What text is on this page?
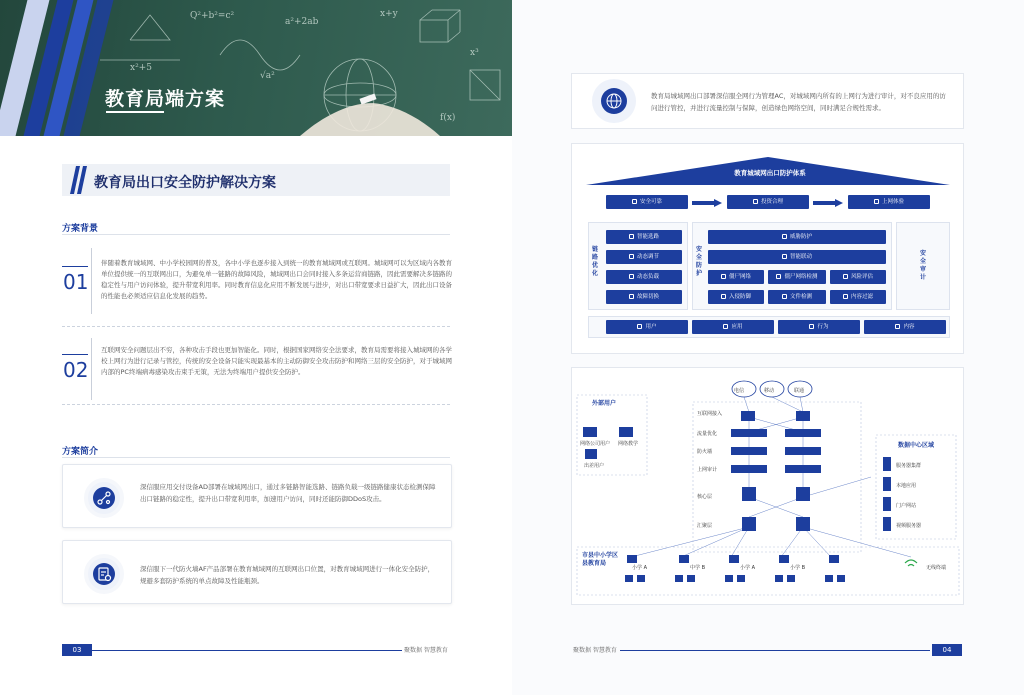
Q²+b²=c²
a²+2ab
x+y
x³
x²+5
√a²
f(x)
教育局端方案
教育局出口安全防护解决方案
方案背景
01
伴随着教育城域网、中小学校园网的普及，各中小学也逐步接入到统一的教育城域网或互联网。城域网可以为区域内各教育单位提供统一的互联网出口，为避免单一链路的故障风险，城域网出口会同时接入多条运营商链路，因此需要解决多链路的稳定性与用户访问体验，提升带宽利用率。同时教育信息化应用不断发展与进步，对出口带宽要求日益扩大，因此出口设备的性能也必须适应信息化发展的趋势。
02
互联网安全问题层出不穷，各种攻击手段也更加智能化。同时，根据国家网络安全法要求，教育局需要将接入城域网的各学校上网行为进行记录与管控，传统的安全设备只能实现最基本的主动防御安全攻击防护和网络三层的安全防护，对于城域网内部的PC终端病毒感染攻击束手无策，无法为终端用户提供安全防护。
方案简介
深信服应用交付设备AD部署在城域网出口，通过多链路智能选路、链路负载一级链路健康状态检测保障出口链路的稳定性，提升出口带宽利用率，加速用户访问，同时还能防御DDoS攻击。
深信服下一代防火墙AF产品部署在教育城域网的互联网出口位置，对教育城域网进行一体化安全防护，规避多套防护系统的单点故障及性能瓶颈。
03	聚数据 智慧教育
教育局城域网出口部署深信服全网行为管理AC，对城域网内所有的上网行为进行审计，对不良应用的访问进行管控，并进行流量控制与保障，创造绿色网络空间，同时满足合规性需求。
教育城域网出口防护体系
安全可靠	投资合理	上网体验
链路优化
智能选路
动态调节
动态负载
故障切换
安全防护
威胁防护
智能联动
僵尸网络	僵尸网络检测	风险评估
入侵防御	文件检测	内容过滤
安全审计
用户	应用	行为	内容
电信	移动	联通
外部用户
网络公司用户 网络教学
出差用户
互联网接入
流量优化
防火墙
上网审计
核心层
汇聚层
数据中心区域
服务器集群
本地应用
门户网站
视频服务器
市县中小学区县教育局
小学 A	中学 B	小学 A	小学 B	无线终端
聚数据 智慧教育	04
